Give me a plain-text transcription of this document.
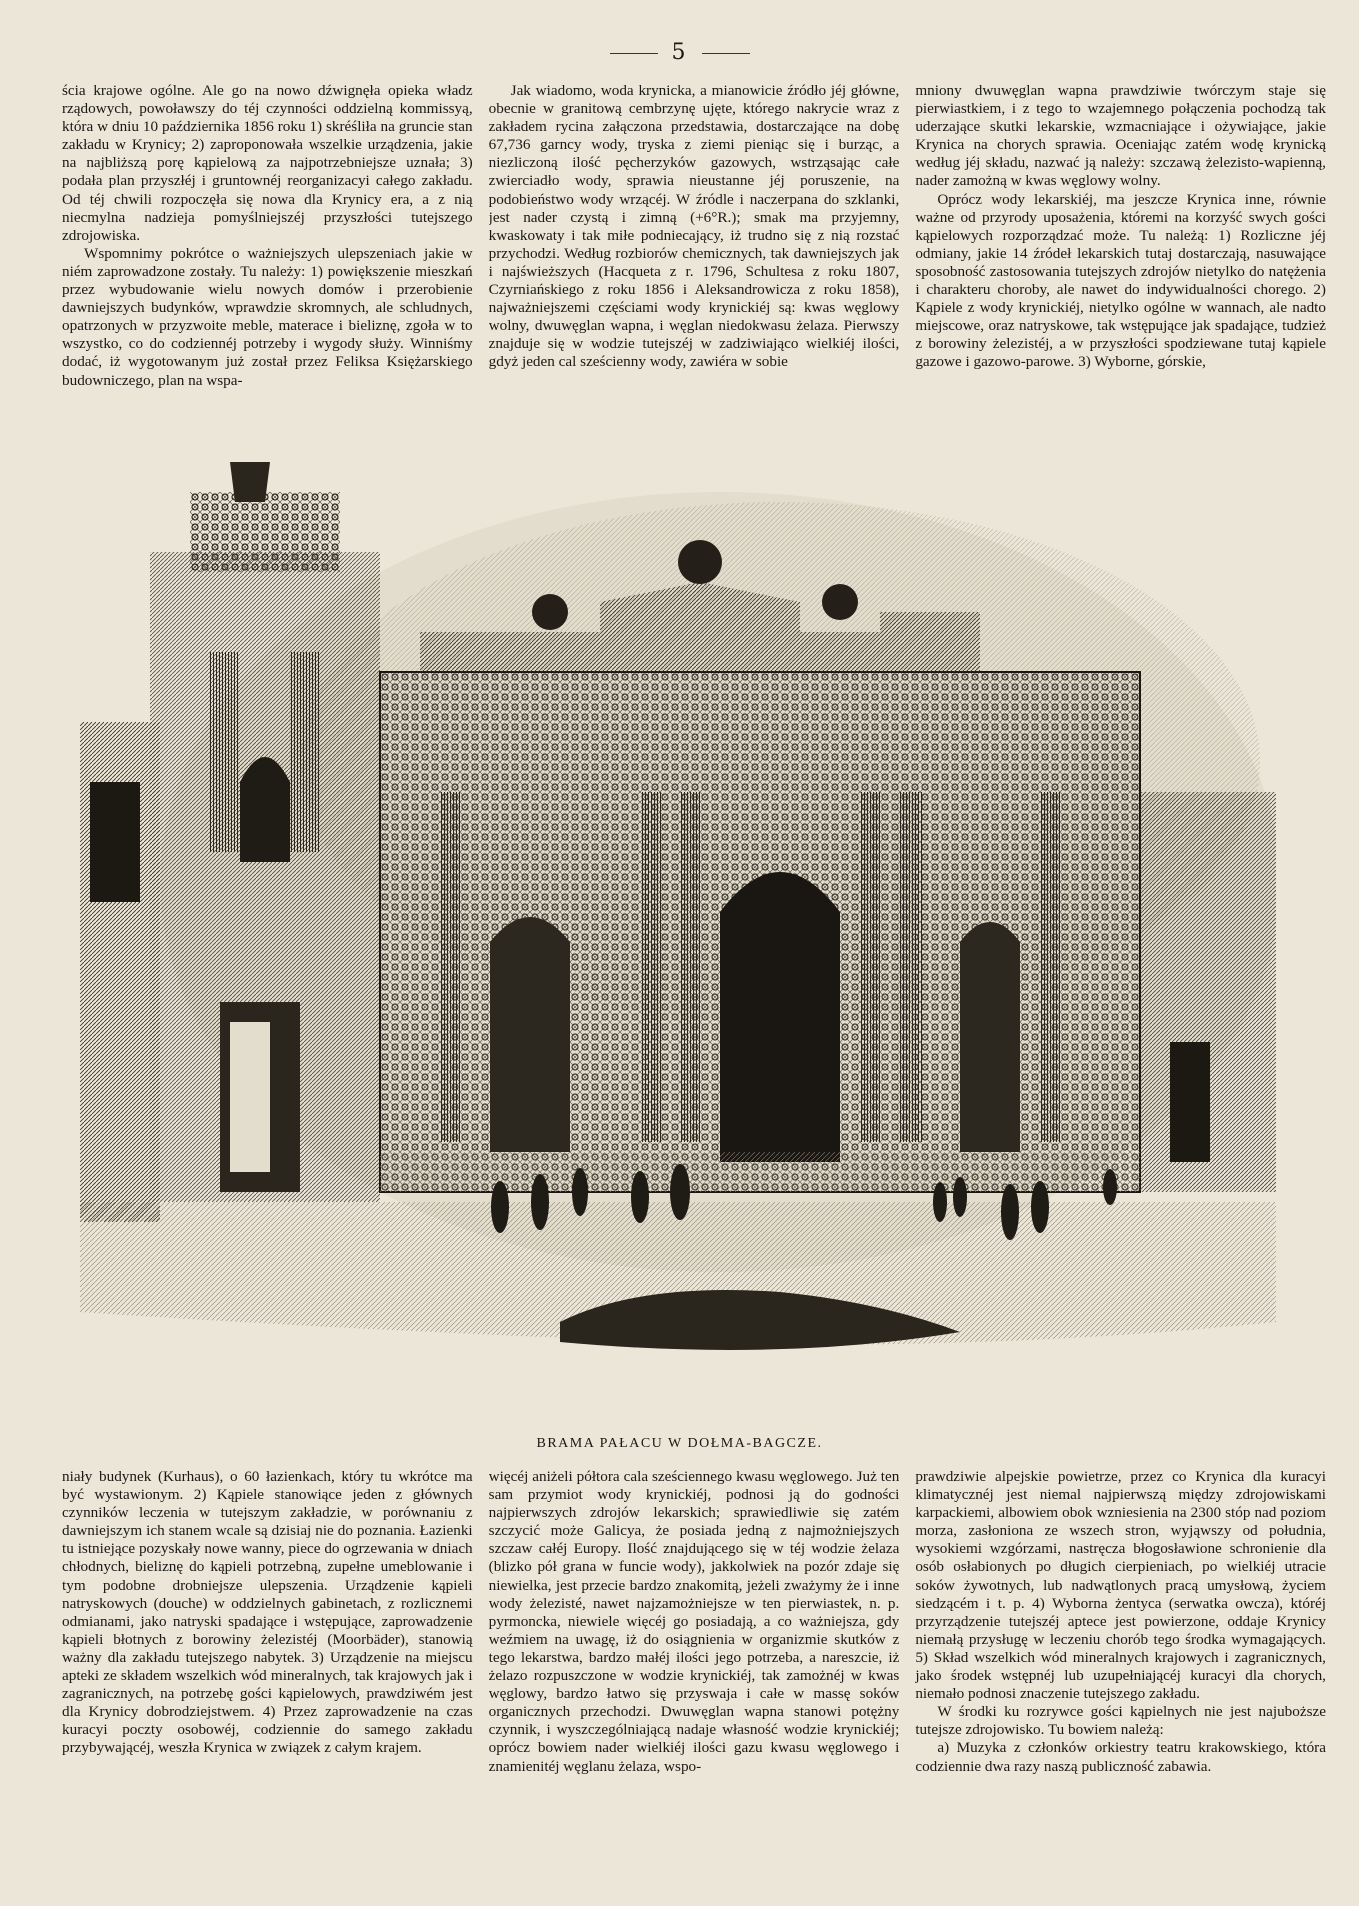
5

ścia krajowe ogólne. Ale go na nowo dźwignęła opieka władz rządowych, powoławszy do téj czynności oddzielną kommissyą, która w dniu 10 października 1856 roku 1) skréśliła na gruncie stan zakładu w Krynicy; 2) zaproponowała wszelkie urządzenia, jakie na najbliższą porę kąpielową za najpotrzebniejsze uznała; 3) podała plan przyszłéj i gruntownéj reorganizacyi całego zakładu. Od téj chwili rozpoczęła się nowa dla Krynicy era, a z nią niecmylna nadzieja pomyślniejszéj przyszłości tutejszego zdrojowiska.

Wspomnimy pokrótce o ważniejszych ulepszeniach jakie w niém zaprowadzone zostały. Tu należy: 1) powiększenie mieszkań przez wybudowanie wielu nowych domów i przerobienie dawniejszych budynków, wprawdzie skromnych, ale schludnych, opatrzonych w przyzwoite meble, materace i bieliznę, zgoła w to wszystko, co do codziennéj potrzeby i wygody służy. Winniśmy dodać, iż wygotowanym już został przez Feliksa Księżarskiego budowniczego, plan na wspa-

Jak wiadomo, woda krynicka, a mianowicie źródło jéj główne, obecnie w granitową cembrzynę ujęte, którego nakrycie wraz z zakładem rycina załączona przedstawia, dostarczające na dobę 67,736 garncy wody, tryska z ziemi pieniąc się i burząc, a niezliczoną ilość pęcherzyków gazowych, wstrząsając całe zwierciadło wody, sprawia nieustanne jéj poruszenie, na podobieństwo wody wrzącéj. W źródle i naczerpana do szklanki, jest nader czystą i zimną (+6°R.); smak ma przyjemny, kwaskowaty i tak miłe podniecający, iż trudno się z nią rozstać przychodzi. Według rozbiorów chemicznych, tak dawniejszych jak i najświeższych (Hacqueta z r. 1796, Schultesa z roku 1807, Czyrniańskiego z roku 1856 i Aleksandrowicza z roku 1858), najważniejszemi częściami wody krynickiéj są: kwas węglowy wolny, dwuwęglan wapna, i węglan niedokwasu żelaza. Pierwszy znajduje się w wodzie tutejszéj w zadziwiająco wielkiéj ilości, gdyż jeden cal sześcienny wody, zawiéra w sobie

mniony dwuwęglan wapna prawdziwie twórczym staje się pierwiastkiem, i z tego to wzajemnego połączenia pochodzą tak uderzające skutki lekarskie, wzmacniające i ożywiające, jakie Krynica na chorych sprawia. Oceniając zatém wodę krynicką według jéj składu, nazwać ją należy: szczawą żelezisto-wapienną, nader zamożną w kwas węglowy wolny.

Oprócz wody lekarskiéj, ma jeszcze Krynica inne, równie ważne od przyrody uposażenia, któremi na korzyść swych gości kąpielowych rozporządzać może. Tu należą: 1) Rozliczne jéj odmiany, jakie 14 źródeł lekarskich tutaj dostarczają, nasuwające sposobność zastosowania tutejszych zdrojów nietylko do natężenia i charakteru choroby, ale nawet do indywidualności chorego. 2) Kąpiele z wody krynickiéj, nietylko ogólne w wannach, ale nadto miejscowe, oraz natryskowe, tak wstępujące jak spadające, tudzież z borowiny żelezistéj, a w przyszłości spodziewane tutaj kąpiele gazowe i gazowo-parowe. 3) Wyborne, górskie,

BRAMA PAŁACU W DOŁMA-BAGCZE.

niały budynek (Kurhaus), o 60 łazienkach, który tu wkrótce ma być wystawionym. 2) Kąpiele stanowiące jeden z głównych czynników leczenia w tutejszym zakładzie, w porównaniu z dawniejszym ich stanem wcale są dzisiaj nie do poznania. Łazienki tu istniejące pozyskały nowe wanny, piece do ogrzewania w dniach chłodnych, bieliznę do kąpieli potrzebną, zupełne umeblowanie i tym podobne drobniejsze ulepszenia. Urządzenie kąpieli natryskowych (douche) w oddzielnych gabinetach, z rozlicznemi odmianami, jako natryski spadające i wstępujące, zaprowadzenie kąpieli błotnych z borowiny żelezistéj (Moorbäder), stanowią ważny dla zakładu tutejszego nabytek. 3) Urządzenie na miejscu apteki ze składem wszelkich wód mineralnych, tak krajowych jak i zagranicznych, na potrzebę gości kąpielowych, prawdziwém jest dla Krynicy dobrodziejstwem. 4) Przez zaprowadzenie na czas kuracyi poczty osobowéj, codziennie do samego zakładu przybywającéj, weszła Krynica w związek z całym krajem.

więcéj aniżeli półtora cala sześciennego kwasu węglowego. Już ten sam przymiot wody krynickiéj, podnosi ją do godności najpierwszych zdrojów lekarskich; sprawiedliwie się zatém szczycić może Galicya, że posiada jedną z najmożniejszych szczaw całéj Europy. Ilość znajdującego się w téj wodzie żelaza (blizko pół grana w funcie wody), jakkolwiek na pozór zdaje się niewielka, jest przecie bardzo znakomitą, jeżeli zważymy że i inne wody żelezisté, nawet najzamożniejsze w ten pierwiastek, n. p. pyrmoncka, niewiele więcéj go posiadają, a co ważniejsza, gdy weźmiem na uwagę, iż do osiągnienia w organizmie skutków z tego lekarstwa, bardzo małéj ilości jego potrzeba, a nareszcie, iż żelazo rozpuszczone w wodzie krynickiéj, tak zamożnéj w kwas węglowy, bardzo łatwo się przyswaja i całe w massę soków organicznych przechodzi. Dwuwęglan wapna stanowi potężny czynnik, i wyszczególniającą nadaje własność wodzie krynickiéj; oprócz bowiem nader wielkiéj ilości gazu kwasu węglowego i znamienitéj węglanu żelaza, wspo-

prawdziwie alpejskie powietrze, przez co Krynica dla kuracyi klimatycznéj jest niemal najpierwszą między zdrojowiskami karpackiemi, albowiem obok wzniesienia na 2300 stóp nad poziom morza, zasłoniona ze wszech stron, wyjąwszy od południa, wysokiemi wzgórzami, nastręcza błogosławione schronienie dla osób osłabionych po długich cierpieniach, po wielkiéj utracie soków żywotnych, lub nadwątlonych pracą umysłową, życiem siedzącém i t. p. 4) Wyborna żentyca (serwatka owcza), któréj przyrządzenie tutejszéj aptece jest powierzone, oddaje Krynicy niemałą przysługę w leczeniu chorób tego środka wymagających. 5) Skład wszelkich wód mineralnych krajowych i zagranicznych, jako środek wstępnéj lub uzupełniającéj kuracyi dla chorych, niemało podnosi znaczenie tutejszego zakładu.

W środki ku rozrywce gości kąpielnych nie jest najuboższe tutejsze zdrojowisko. Tu bowiem należą:

a) Muzyka z członków orkiestry teatru krakowskiego, która codziennie dwa razy naszą publiczność zabawia.
